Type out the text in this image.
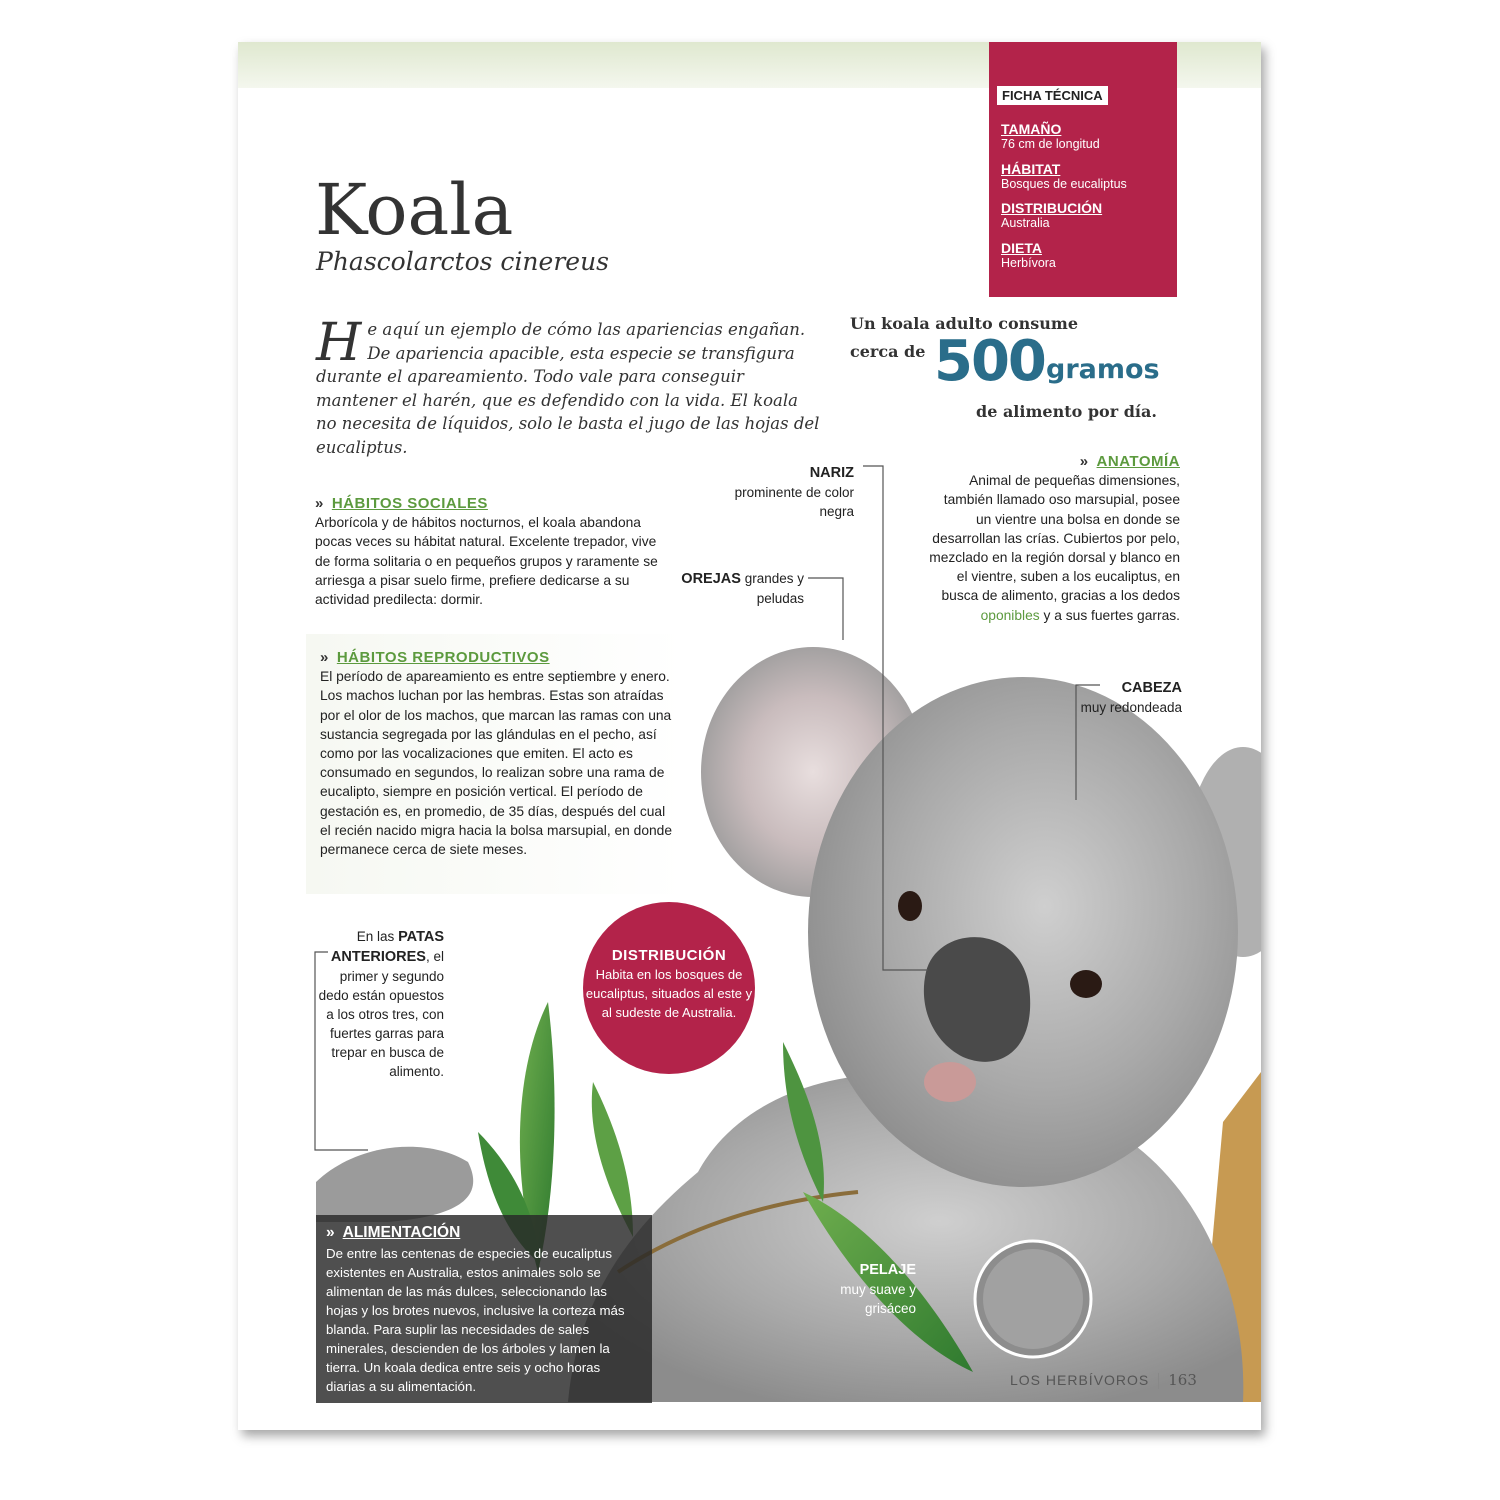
FICHA TÉCNICA
TAMAÑO
76 cm de longitud
HÁBITAT
Bosques de eucaliptus
DISTRIBUCIÓN
Australia
DIETA
Herbívora
Koala
Phascolarctos cinereus
He aquí un ejemplo de cómo las apariencias engañan. De apariencia apacible, esta especie se transfigura durante el apareamiento. Todo vale para conseguir mantener el harén, que es defendido con la vida. El koala no necesita de líquidos, solo le basta el jugo de las hojas del eucaliptus.
Un koala adulto consume
cerca de 500 gramos
de alimento por día.
» HÁBITOS SOCIALES
Arborícola y de hábitos nocturnos, el koala abandona pocas veces su hábitat natural. Excelente trepador, vive de forma solitaria o en pequeños grupos y raramente se arriesga a pisar suelo firme, prefiere dedicarse a su actividad predilecta: dormir.
» HÁBITOS REPRODUCTIVOS
El período de apareamiento es entre septiembre y enero. Los machos luchan por las hembras. Estas son atraídas por el olor de los machos, que marcan las ramas con una sustancia segregada por las glándulas en el pecho, así como por las vocalizaciones que emiten. El acto es consumado en segundos, lo realizan sobre una rama de eucalipto, siempre en posición vertical. El período de gestación es, en promedio, de 35 días, después del cual el recién nacido migra hacia la bolsa marsupial, en donde permanece cerca de siete meses.
» ANATOMÍA
Animal de pequeñas dimensiones, también llamado oso marsupial, posee un vientre una bolsa en donde se desarrollan las crías. Cubiertos por pelo, mezclado en la región dorsal y blanco en el vientre, suben a los eucaliptus, en busca de alimento, gracias a los dedos oponibles y a sus fuertes garras.
NARIZ
prominente de color negra
OREJAS grandes y peludas
CABEZA
muy redondeada
En las PATAS ANTERIORES, el primer y segundo dedo están opuestos a los otros tres, con fuertes garras para trepar en busca de alimento.
PELAJE
muy suave y grisáceo
DISTRIBUCIÓN
Habita en los bosques de eucaliptus, situados al este y al sudeste de Australia.
» ALIMENTACIÓN
De entre las centenas de especies de eucaliptus existentes en Australia, estos animales solo se alimentan de las más dulces, seleccionando las hojas y los brotes nuevos, inclusive la corteza más blanda. Para suplir las necesidades de sales minerales, descienden de los árboles y lamen la tierra. Un koala dedica entre seis y ocho horas diarias a su alimentación.	LOS HERBÍVOROS 163
